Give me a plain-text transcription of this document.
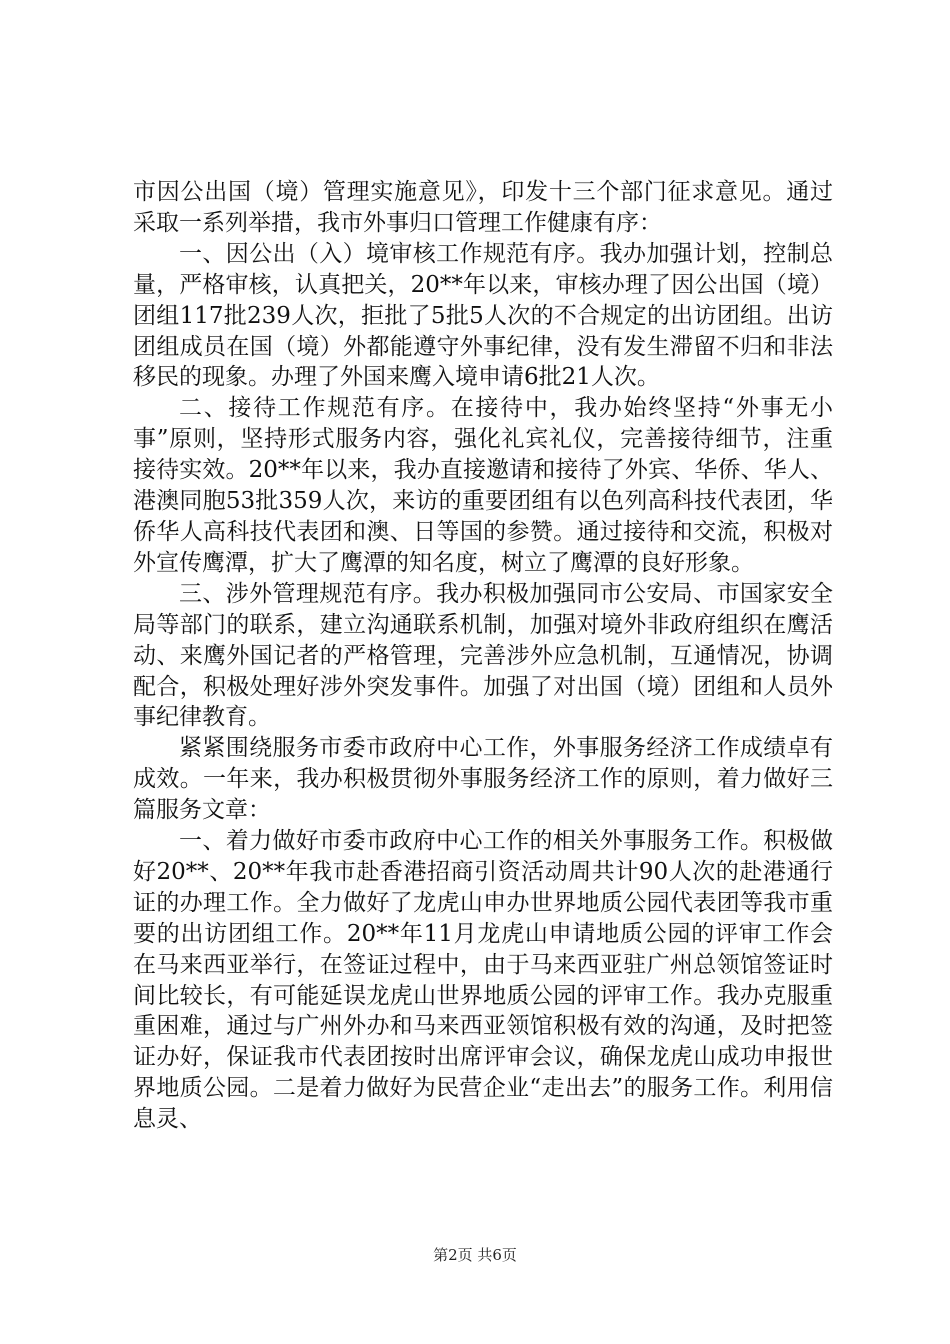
市因公出国（境）管理实施意见》，印发十三个部门征求意见。通过采取一系列举措，我市外事归口管理工作健康有序：

一、因公出（入）境审核工作规范有序。我办加强计划，控制总量，严格审核，认真把关，20**年以来，审核办理了因公出国（境）团组117批239人次，拒批了5批5人次的不合规定的出访团组。出访团组成员在国（境）外都能遵守外事纪律，没有发生滞留不归和非法移民的现象。办理了外国来鹰入境申请6批21人次。

二、接待工作规范有序。在接待中，我办始终坚持“外事无小事”原则，坚持形式服务内容，强化礼宾礼仪，完善接待细节，注重接待实效。20**年以来，我办直接邀请和接待了外宾、华侨、华人、港澳同胞53批359人次，来访的重要团组有以色列高科技代表团，华侨华人高科技代表团和澳、日等国的参赞。通过接待和交流，积极对外宣传鹰潭，扩大了鹰潭的知名度，树立了鹰潭的良好形象。

三、涉外管理规范有序。我办积极加强同市公安局、市国家安全局等部门的联系，建立沟通联系机制，加强对境外非政府组织在鹰活动、来鹰外国记者的严格管理，完善涉外应急机制，互通情况，协调配合，积极处理好涉外突发事件。加强了对出国（境）团组和人员外事纪律教育。

紧紧围绕服务市委市政府中心工作，外事服务经济工作成绩卓有成效。一年来，我办积极贯彻外事服务经济工作的原则，着力做好三篇服务文章：

一、着力做好市委市政府中心工作的相关外事服务工作。积极做好20**、20**年我市赴香港招商引资活动周共计90人次的赴港通行证的办理工作。全力做好了龙虎山申办世界地质公园代表团等我市重要的出访团组工作。20**年11月龙虎山申请地质公园的评审工作会在马来西亚举行，在签证过程中，由于马来西亚驻广州总领馆签证时间比较长，有可能延误龙虎山世界地质公园的评审工作。我办克服重重困难，通过与广州外办和马来西亚领馆积极有效的沟通，及时把签证办好，保证我市代表团按时出席评审会议，确保龙虎山成功申报世界地质公园。二是着力做好为民营企业“走出去”的服务工作。利用信息灵、

第2页 共6页
